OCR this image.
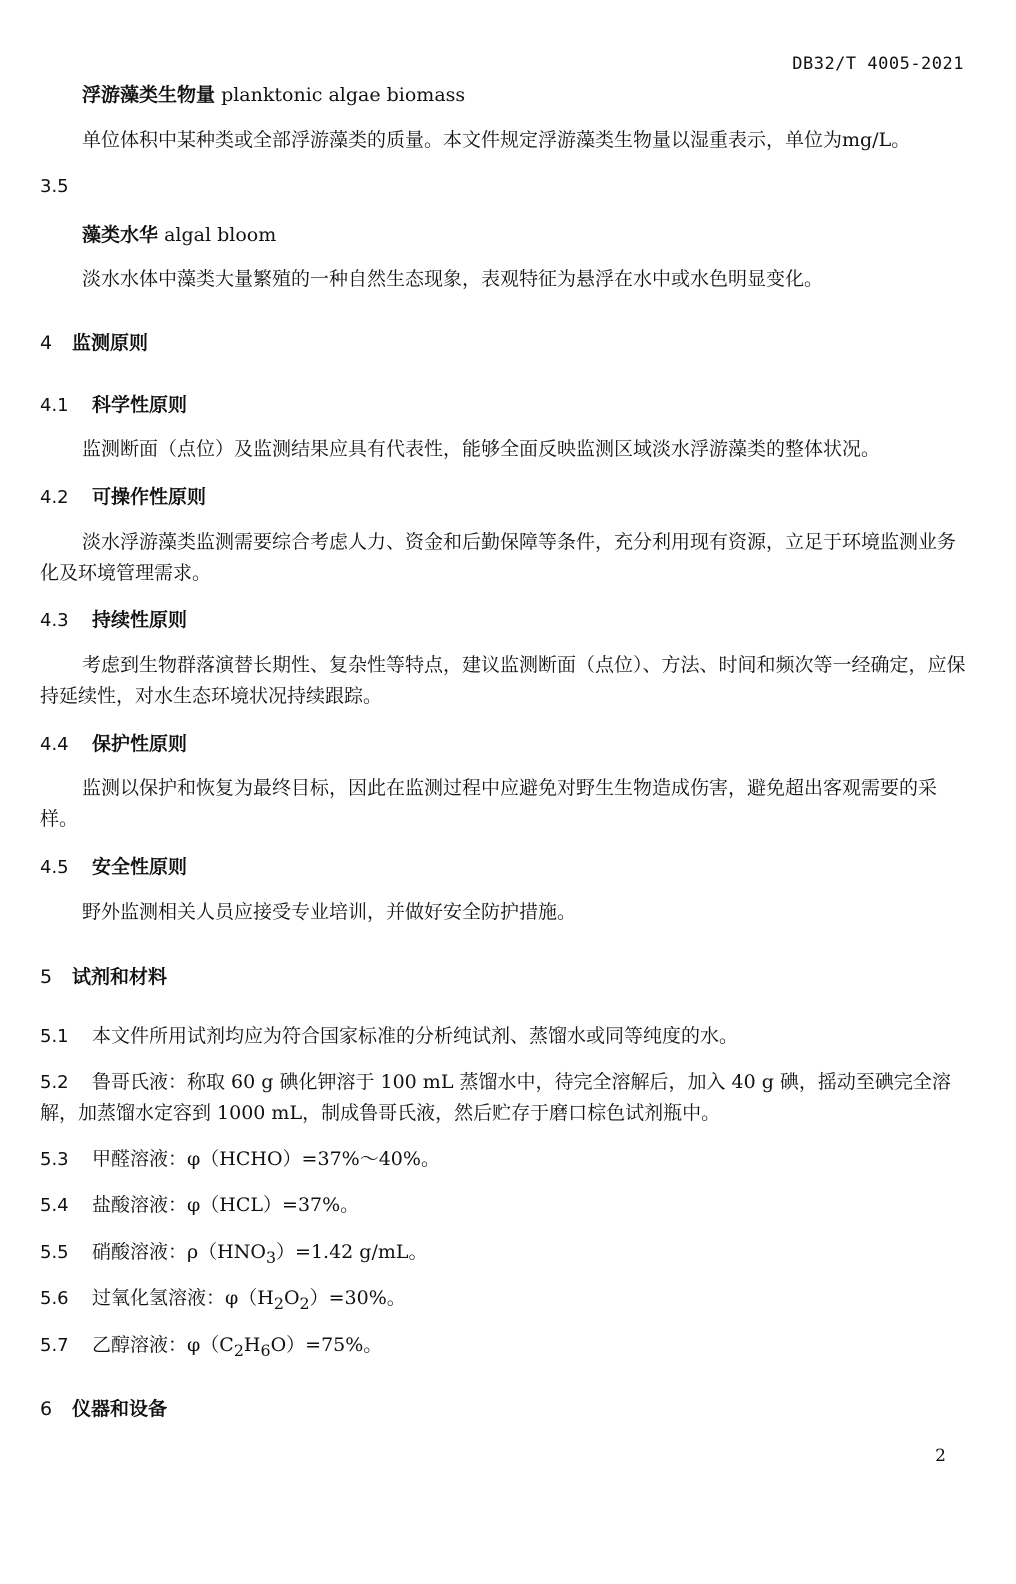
DB32/T 4005-2021
浮游藻类生物量 planktonic algae biomass
单位体积中某种类或全部浮游藻类的质量。本文件规定浮游藻类生物量以湿重表示，单位为mg/L。
3.5
藻类水华 algal bloom
淡水水体中藻类大量繁殖的一种自然生态现象，表观特征为悬浮在水中或水色明显变化。
4 监测原则
4.1 科学性原则
监测断面（点位）及监测结果应具有代表性，能够全面反映监测区域淡水浮游藻类的整体状况。
4.2 可操作性原则
淡水浮游藻类监测需要综合考虑人力、资金和后勤保障等条件，充分利用现有资源，立足于环境监测业务化及环境管理需求。
4.3 持续性原则
考虑到生物群落演替长期性、复杂性等特点，建议监测断面（点位）、方法、时间和频次等一经确定，应保持延续性，对水生态环境状况持续跟踪。
4.4 保护性原则
监测以保护和恢复为最终目标，因此在监测过程中应避免对野生生物造成伤害，避免超出客观需要的采样。
4.5 安全性原则
野外监测相关人员应接受专业培训，并做好安全防护措施。
5 试剂和材料
5.1 本文件所用试剂均应为符合国家标准的分析纯试剂、蒸馏水或同等纯度的水。
5.2 鲁哥氏液：称取 60 g 碘化钾溶于 100 mL 蒸馏水中，待完全溶解后，加入 40 g 碘，摇动至碘完全溶解，加蒸馏水定容到 1000 mL，制成鲁哥氏液，然后贮存于磨口棕色试剂瓶中。
5.3 甲醛溶液：φ（HCHO）=37%～40%。
5.4 盐酸溶液：φ（HCL）=37%。
5.5 硝酸溶液：$\rho(HNO_3)=1.42$ g/mL。
5.6 过氧化氢溶液：$\varphi(H_2O_2)=30\%$。
5.7 乙醇溶液：$\varphi(C_2H_6O)=75\%$。
6 仪器和设备
2
